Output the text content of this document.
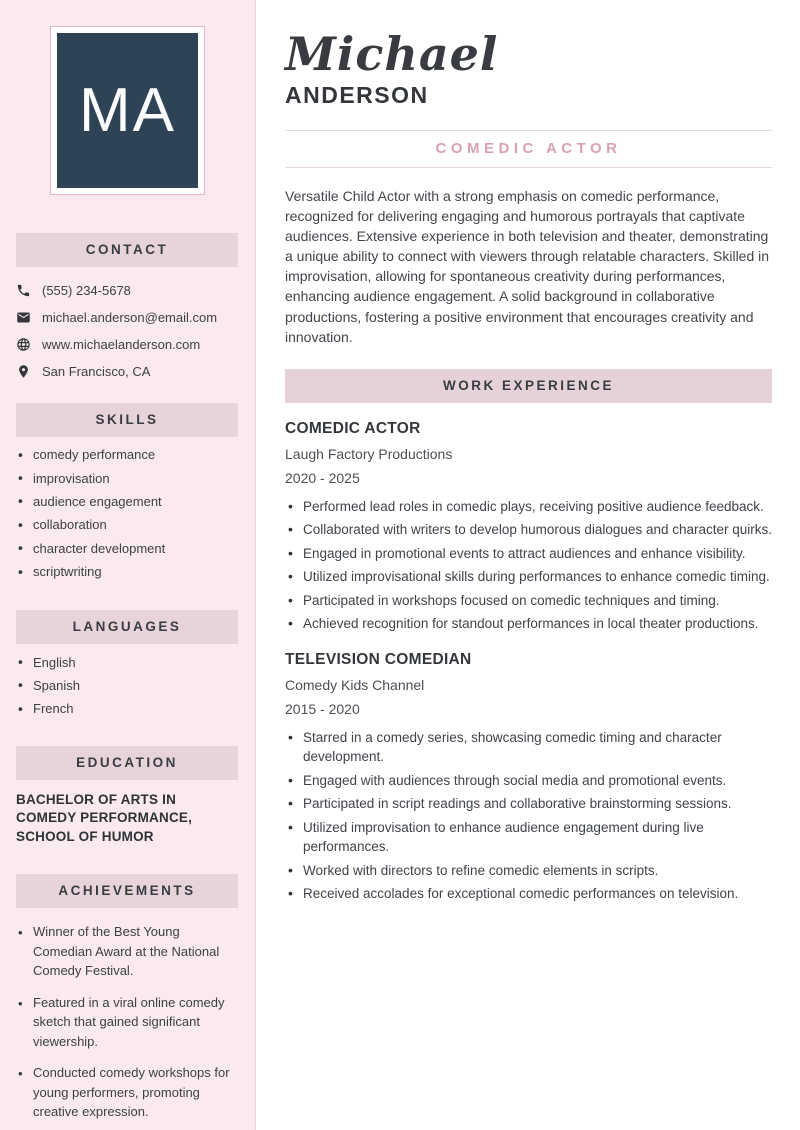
MA
CONTACT
(555) 234-5678
michael.anderson@email.com
www.michaelanderson.com
San Francisco, CA
SKILLS
• comedy performance
• improvisation
• audience engagement
• collaboration
• character development
• scriptwriting
LANGUAGES
• English
• Spanish
• French
EDUCATION

BACHELOR OF ARTS IN COMEDY PERFORMANCE, SCHOOL OF HUMOR

ACHIEVEMENTS
• Winner of the Best Young Comedian Award at the National Comedy Festival.
• Featured in a viral online comedy sketch that gained significant viewership.
• Conducted comedy workshops for young performers, promoting creative expression.
Michael
ANDERSON
COMEDIC ACTOR

Versatile Child Actor with a strong emphasis on comedic performance, recognized for delivering engaging and humorous portrayals that captivate audiences. Extensive experience in both television and theater, demonstrating a unique ability to connect with viewers through relatable characters. Skilled in improvisation, allowing for spontaneous creativity during performances, enhancing audience engagement. A solid background in collaborative productions, fostering a positive environment that encourages creativity and innovation.

WORK EXPERIENCE
COMEDIC ACTOR
Laugh Factory Productions
2020 - 2025
• Performed lead roles in comedic plays, receiving positive audience feedback.
• Collaborated with writers to develop humorous dialogues and character quirks.
• Engaged in promotional events to attract audiences and enhance visibility.
• Utilized improvisational skills during performances to enhance comedic timing.
• Participated in workshops focused on comedic techniques and timing.
• Achieved recognition for standout performances in local theater productions.
TELEVISION COMEDIAN
Comedy Kids Channel
2015 - 2020
• Starred in a comedy series, showcasing comedic timing and character development.
• Engaged with audiences through social media and promotional events.
• Participated in script readings and collaborative brainstorming sessions.
• Utilized improvisation to enhance audience engagement during live performances.
• Worked with directors to refine comedic elements in scripts.
• Received accolades for exceptional comedic performances on television.
